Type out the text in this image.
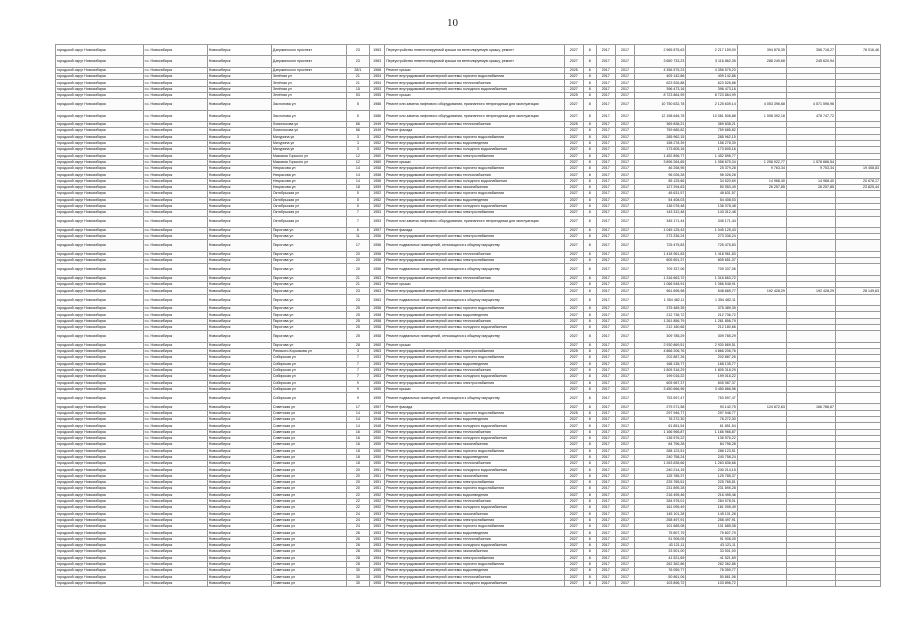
10
городской округ Новосибирск	г.о. Новосибирск	Новосибирск	Дзержинского проспект	23	1963	Переустройство невентилируемой крыши на вентилируемую крышу, ремонт	2027	8	2017	2017	2 965 875,63	2 217 159,00	394 878,35	356 718,27	78 016,46
городской округ Новосибирск	г.о. Новосибирск	Новосибирск	Дзержинского проспект	23	1963	Переустройство невентилируемой крыши на вентилируемую крышу, ремонт	2027	8	2017	2017	3 650 733,23	3 116 862,35	288 249,68	245 620,94	
городской округ Новосибирск	г.о. Новосибирск	Новосибирск	Дзержинского проспект	28/1	1968	Ремонт крыши	2025	8	2017	2017	4 356 575,23	4 356 575,23			
городской округ Новосибирск	г.о. Новосибирск	Новосибирск	Зелёная ул	21	1954	Ремонт внутридомовой инженерной системы горячего водоснабжения	2027	8	2017	2017	409 142,86	409 142,86			
городской округ Новосибирск	г.о. Новосибирск	Новосибирск	Зелёная ул	21	1954	Ремонт внутридомовой инженерной системы теплоснабжения	2027	8	2017	2017	623 526,88	623 526,88			
городской округ Новосибирск	г.о. Новосибирск	Новосибирск	Зелёная ул	15	1953	Ремонт внутридомовой инженерной системы холодного водоснабжения	2027	8	2017	2017	396 473,16	396 473,16			
городской округ Новосибирск	г.о. Новосибирск	Новосибирск	Зелёная ул	53	1955	Ремонт крыши	2025	8	2017	2017	8 723 864,99	8 723 864,99			
городской округ Новосибирск	г.о. Новосибирск	Новосибирск	Заслонова ул	5	1986	Ремонт или замена лифтового оборудования, признанного непригодным для эксплуатации	2027	8	2017	2017	10 750 632,78	2 125 639,14	4 053 396,68	4 571 596,96	
городской округ Новосибирск	г.о. Новосибирск	Новосибирск	Заслонова ул	5	1986	Ремонт или замена лифтового оборудования, признанного непригодным для эксплуатации	2027	8	2017	2017	12 158 646,78	10 081 506,88	1 598 392,18	478 747,72	
городской округ Новосибирск	г.о. Новосибирск	Новосибирск	Ломоносова ул	66	1949	Ремонт внутридомовой инженерной системы теплоснабжения	2025	8	2017	2017	369 838,21	369 838,21			
городской округ Новосибирск	г.о. Новосибирск	Новосибирск	Ломоносова ул	66	1949	Ремонт фасада	2027	8	2017	2017	759 685,82	759 685,82			
городской округ Новосибирск	г.о. Новосибирск	Новосибирск	Мичурина ул	3	1952	Ремонт внутридомовой инженерной системы горячего водоснабжения	2027	8	2017	2017	285 962,15	285 962,15			
городской округ Новосибирск	г.о. Новосибирск	Новосибирск	Мичурина ул	3	1952	Ремонт внутридомовой инженерной системы водоотведения	2027	8	2017	2017	158 278,39	158 278,39			
городской округ Новосибирск	г.о. Новосибирск	Новосибирск	Мичурина ул	3	1952	Ремонт внутридомовой инженерной системы холодного водоснабжения	2027	8	2017	2017	173 605,16	173 605,16			
городской округ Новосибирск	г.о. Новосибирск	Новосибирск	Максима Горького ул	12	1960	Ремонт внутридомовой инженерной системы электроснабжения	2027	8	2017	2017	1 452 896,77	1 452 896,77			
городской округ Новосибирск	г.о. Новосибирск	Новосибирск	Максима Горького ул	12	1960	Ремонт крыши	2027	8	2017	2017	3 896 264,65	1 058 675,34	1 258 922,77	1 578 666,54	
городской округ Новосибирск	г.о. Новосибирск	Новосибирск	Некрасова ул	14	1958	Ремонт внутридомовой инженерной системы горячего водоснабжения	2027	8	2017	2017	46 258,95	25 379,28	9 763,34	9 753,34	19 458,83
городской округ Новосибирск	г.о. Новосибирск	Новосибирск	Некрасова ул	14	1958	Ремонт внутридомовой инженерной системы теплоснабжения	2027	8	2017	2017	96 026,28	96 026,28			
городской округ Новосибирск	г.о. Новосибирск	Новосибирск	Некрасова ул	14	1958	Ремонт внутридомовой инженерной системы холодного водоснабжения	2027	8	2017	2017	85 125,66	34 520,69	14 968,40	14 968,40	20 678,17
городской округ Новосибирск	г.о. Новосибирск	Новосибирск	Некрасова ул	18	1959	Ремонт внутридомовой инженерной системы газоснабжения	2027	8	2017	2017	127 294,63	50 953,49	26 257,85	26 257,85	23 825,44
городской округ Новосибирск	г.о. Новосибирск	Новосибирск	Октябрьская ул	5	1952	Ремонт внутридомовой инженерной системы горячего водоснабжения	2027	8	2017	2017	48 631,57	48 631,57			
городской округ Новосибирск	г.о. Новосибирск	Новосибирск	Октябрьская ул	5	1952	Ремонт внутридомовой инженерной системы водоотведения	2027	8	2017	2017	54 408,03	54 408,03			
городской округ Новосибирск	г.о. Новосибирск	Новосибирск	Октябрьская ул	5	1952	Ремонт внутридомовой инженерной системы холодного водоснабжения	2027	8	2017	2017	136 078,48	136 078,48			
городской округ Новосибирск	г.о. Новосибирск	Новосибирск	Октябрьская ул	7	1953	Ремонт внутридомовой инженерной системы электроснабжения	2027	8	2017	2017	143 312,48	143 312,48			
городской округ Новосибирск	г.о. Новосибирск	Новосибирск	Октябрьская ул	7	1953	Ремонт или замена лифтового оборудования, признанного непригодным для эксплуатации	2027	8	2017	2017	345 171,44	345 171,44			
городской округ Новосибирск	г.о. Новосибирск	Новосибирск	Пирогова ул	6	1957	Ремонт фасада	2027	8	2017	2017	1 045 125,43	1 045 125,43			
городской округ Новосибирск	г.о. Новосибирск	Новосибирск	Пирогова ул	11	1956	Ремонт внутридомовой инженерной системы электроснабжения	2027	8	2017	2017	273 336,24	273 336,24			
городской округ Новосибирск	г.о. Новосибирск	Новосибирск	Пирогова ул	17	1956	Ремонт подвальных помещений, относящихся к общему имуществу	2027	8	2017	2017	725 475,83	725 475,83			
городской округ Новосибирск	г.о. Новосибирск	Новосибирск	Пирогова ул	20	1958	Ремонт внутридомовой инженерной системы теплоснабжения	2027	8	2017	2017	1 418 961,83	1 418 961,83			
городской округ Новосибирск	г.о. Новосибирск	Новосибирск	Пирогова ул	20	1958	Ремонт внутридомовой инженерной системы электроснабжения	2027	8	2017	2017	805 651,37	805 651,37			
городской округ Новосибирск	г.о. Новосибирск	Новосибирск	Пирогова ул	20	1958	Ремонт подвальных помещений, относящихся к общему имуществу	2027	8	2017	2017	709 337,06	709 337,06			
городской округ Новосибирск	г.о. Новосибирск	Новосибирск	Пирогова ул	21	1963	Ремонт внутридомовой инженерной системы теплоснабжения	2027	8	2017	2017	1 316 663,72	1 316 663,72			
городской округ Новосибирск	г.о. Новосибирск	Новосибирск	Пирогова ул	21	1963	Ремонт крыши	2027	8	2017	2017	1 066 548,91	1 066 548,91			
городской округ Новосибирск	г.о. Новосибирск	Новосибирск	Пирогова ул	23	1963	Ремонт внутридомовой инженерной системы электроснабжения	2027	8	2017	2017	961 695,98	548 689,77	192 428,29	192 428,29	28 149,63
городской округ Новосибирск	г.о. Новосибирск	Новосибирск	Пирогова ул	23	1963	Ремонт подвальных помещений, относящихся к общему имуществу	2027	8	2017	2017	1 354 482,11	1 354 482,11			
городской округ Новосибирск	г.о. Новосибирск	Новосибирск	Пирогова ул	25	1958	Ремонт внутридомовой инженерной системы горячего водоснабжения	2027	8	2017	2017	375 489,35	375 489,35			
городской округ Новосибирск	г.о. Новосибирск	Новосибирск	Пирогова ул	25	1958	Ремонт внутридомовой инженерной системы водоотведения	2027	8	2017	2017	212 736,72	212 736,72			
городской округ Новосибирск	г.о. Новосибирск	Новосибирск	Пирогова ул	25	1958	Ремонт внутридомовой инженерной системы теплоснабжения	2027	8	2017	2017	1 261 856,79	1 261 856,79			
городской округ Новосибирск	г.о. Новосибирск	Новосибирск	Пирогова ул	25	1958	Ремонт внутридомовой инженерной системы холодного водоснабжения	2027	8	2017	2017	212 180,66	212 180,66			
городской округ Новосибирск	г.о. Новосибирск	Новосибирск	Пирогова ул	25	1958	Ремонт подвальных помещений, относящихся к общему имуществу	2027	8	2017	2017	309 785,29	309 785,29			
городской округ Новосибирск	г.о. Новосибирск	Новосибирск	Пирогова ул	28	1960	Ремонт крыши	2027	8	2017	2017	2 930 869,51	2 930 869,51			
городской округ Новосибирск	г.о. Новосибирск	Новосибирск	Римского-Корсакова ул	3	1963	Ремонт внутридомовой инженерной системы электроснабжения	2025	8	2017	2017	4 866 206,76	4 866 206,76			
городской округ Новосибирск	г.о. Новосибирск	Новосибирск	Сибирская ул	7	1953	Ремонт внутридомовой инженерной системы горячего водоснабжения	2027	8	2017	2017	202 887,26	202 887,26			
городской округ Новосибирск	г.о. Новосибирск	Новосибирск	Сибирская ул	7	1953	Ремонт внутридомовой инженерной системы водоотведения	2027	8	2017	2017	168 135,77	168 135,77			
городской округ Новосибирск	г.о. Новосибирск	Новосибирск	Сибирская ул	7	1953	Ремонт внутридомовой инженерной системы теплоснабжения	2027	8	2017	2017	1 805 318,29	1 805 318,29			
городской округ Новосибирск	г.о. Новосибирск	Новосибирск	Сибирская ул	7	1953	Ремонт внутридомовой инженерной системы холодного водоснабжения	2027	8	2017	2017	199 016,22	199 016,22			
городской округ Новосибирск	г.о. Новосибирск	Новосибирск	Сибирская ул	9	1955	Ремонт внутридомовой инженерной системы электроснабжения	2027	8	2017	2017	605 987,37	605 987,37			
городской округ Новосибирск	г.о. Новосибирск	Новосибирск	Сибирская ул	9	1955	Ремонт крыши	2027	8	2017	2017	3 450 666,96	3 450 666,96			
городской округ Новосибирск	г.о. Новосибирск	Новосибирск	Сибирская ул	9	1955	Ремонт подвальных помещений, относящихся к общему имуществу	2027	8	2017	2017	753 597,47	753 597,47			
городской округ Новосибирск	г.о. Новосибирск	Новосибирск	Советская ул	17	1957	Ремонт фасада	2027	8	2017	2017	279 271,58	93 142,75	124 872,63	166 786,67	
городской округ Новосибирск	г.о. Новосибирск	Новосибирск	Советская ул	14	1948	Ремонт внутридомовой инженерной системы горячего водоснабжения	2025	8	2017	2017	297 946,77	297 946,77			
городской округ Новосибирск	г.о. Новосибирск	Новосибирск	Советская ул	14	1948	Ремонт внутридомовой инженерной системы водоотведения	2027	8	2017	2017	76 272,30	76 272,30			
городской округ Новосибирск	г.о. Новосибирск	Новосибирск	Советская ул	14	1948	Ремонт внутридомовой инженерной системы холодного водоснабжения	2027	8	2017	2017	61 851,54	61 851,54			
городской округ Новосибирск	г.о. Новосибирск	Новосибирск	Советская ул	16	1950	Ремонт внутридомовой инженерной системы теплоснабжения	2027	8	2017	2017	1 166 966,87	1 166 966,87			
городской округ Новосибирск	г.о. Новосибирск	Новосибирск	Советская ул	16	1950	Ремонт внутридомовой инженерной системы холодного водоснабжения	2027	8	2017	2017	136 576,22	136 576,22			
городской округ Новосибирск	г.о. Новосибирск	Новосибирск	Советская ул	16	1950	Ремонт внутридомовой инженерной системы газоснабжения	2027	8	2017	2017	84 796,28	84 796,28			
городской округ Новосибирск	г.о. Новосибирск	Новосибирск	Советская ул	18	1950	Ремонт внутридомовой инженерной системы горячего водоснабжения	2027	8	2017	2017	288 123,51	288 123,51			
городской округ Новосибирск	г.о. Новосибирск	Новосибирск	Советская ул	18	1950	Ремонт внутридомовой инженерной системы водоотведения	2027	8	2017	2017	240 758,24	240 758,24			
городской округ Новосибирск	г.о. Новосибирск	Новосибирск	Советская ул	18	1950	Ремонт внутридомовой инженерной системы теплоснабжения	2027	8	2017	2017	1 263 836,66	1 263 836,66			
городской округ Новосибирск	г.о. Новосибирск	Новосибирск	Советская ул	20	1951	Ремонт внутридомовой инженерной системы холодного водоснабжения	2027	8	2017	2017	240 214,15	240 214,15			
городской округ Новосибирск	г.о. Новосибирск	Новосибирск	Советская ул	20	1951	Ремонт внутридомовой инженерной системы газоснабжения	2027	8	2017	2017	125 785,37	125 785,37			
городской округ Новосибирск	г.о. Новосибирск	Новосибирск	Советская ул	20	1951	Ремонт внутридомовой инженерной системы электроснабжения	2027	8	2017	2017	225 765,51	225 765,51			
городской округ Новосибирск	г.о. Новосибирск	Новосибирск	Советская ул	20	1951	Ремонт внутридомовой инженерной системы горячего водоснабжения	2027	8	2017	2017	231 895,28	231 895,28			
городской округ Новосибирск	г.о. Новосибирск	Новосибирск	Советская ул	22	1952	Ремонт внутридомовой инженерной системы водоотведения	2027	8	2017	2017	216 495,46	216 495,46			
городской округ Новосибирск	г.о. Новосибирск	Новосибирск	Советская ул	22	1952	Ремонт внутридомовой инженерной системы теплоснабжения	2027	8	2017	2017	284 978,01	284 978,01			
городской округ Новосибирск	г.о. Новосибирск	Новосибирск	Советская ул	22	1952	Ремонт внутридомовой инженерной системы холодного водоснабжения	2027	8	2017	2017	161 095,49	161 095,49			
городской округ Новосибирск	г.о. Новосибирск	Новосибирск	Советская ул	24	1953	Ремонт внутридомовой инженерной системы газоснабжения	2027	8	2017	2017	145 101,28	145 101,28			
городской округ Новосибирск	г.о. Новосибирск	Новосибирск	Советская ул	24	1953	Ремонт внутридомовой инженерной системы электроснабжения	2027	8	2017	2017	258 497,91	258 497,91			
городской округ Новосибирск	г.о. Новосибирск	Новосибирск	Советская ул	24	1953	Ремонт внутридомовой инженерной системы горячего водоснабжения	2027	8	2017	2017	101 685,08	101 685,08			
городской округ Новосибирск	г.о. Новосибирск	Новосибирск	Советская ул	26	1953	Ремонт внутридомовой инженерной системы водоотведения	2027	8	2017	2017	75 807,79	75 807,79			
городской округ Новосибирск	г.о. Новосибирск	Новосибирск	Советская ул	26	1953	Ремонт внутридомовой инженерной системы теплоснабжения	2027	8	2017	2017	91 908,05	91 908,05			
городской округ Новосибирск	г.о. Новосибирск	Новосибирск	Советская ул	26	1953	Ремонт внутридомовой инженерной системы холодного водоснабжения	2027	8	2017	2017	43 121,11	43 121,11			
городской округ Новосибирск	г.о. Новосибирск	Новосибирск	Советская ул	28	1954	Ремонт внутридомовой инженерной системы газоснабжения	2027	8	2017	2017	33 501,00	33 501,00			
городской округ Новосибирск	г.о. Новосибирск	Новосибирск	Советская ул	28	1954	Ремонт внутридомовой инженерной системы электроснабжения	2027	8	2017	2017	41 521,69	41 521,69			
городской округ Новосибирск	г.о. Новосибирск	Новосибирск	Советская ул	28	1954	Ремонт внутридомовой инженерной системы горячего водоснабжения	2027	8	2017	2017	262 362,86	262 362,86			
городской округ Новосибирск	г.о. Новосибирск	Новосибирск	Советская ул	30	1955	Ремонт внутридомовой инженерной системы водоотведения	2027	8	2017	2017	76 059,77	76 059,77			
городской округ Новосибирск	г.о. Новосибирск	Новосибирск	Советская ул	30	1955	Ремонт внутридомовой инженерной системы теплоснабжения	2027	8	2017	2017	50 861,06	50 861,06			
городской округ Новосибирск	г.о. Новосибирск	Новосибирск	Советская ул	30	1955	Ремонт внутридомовой инженерной системы холодного водоснабжения	2027	8	2017	2017	103 896,72	103 896,72			
